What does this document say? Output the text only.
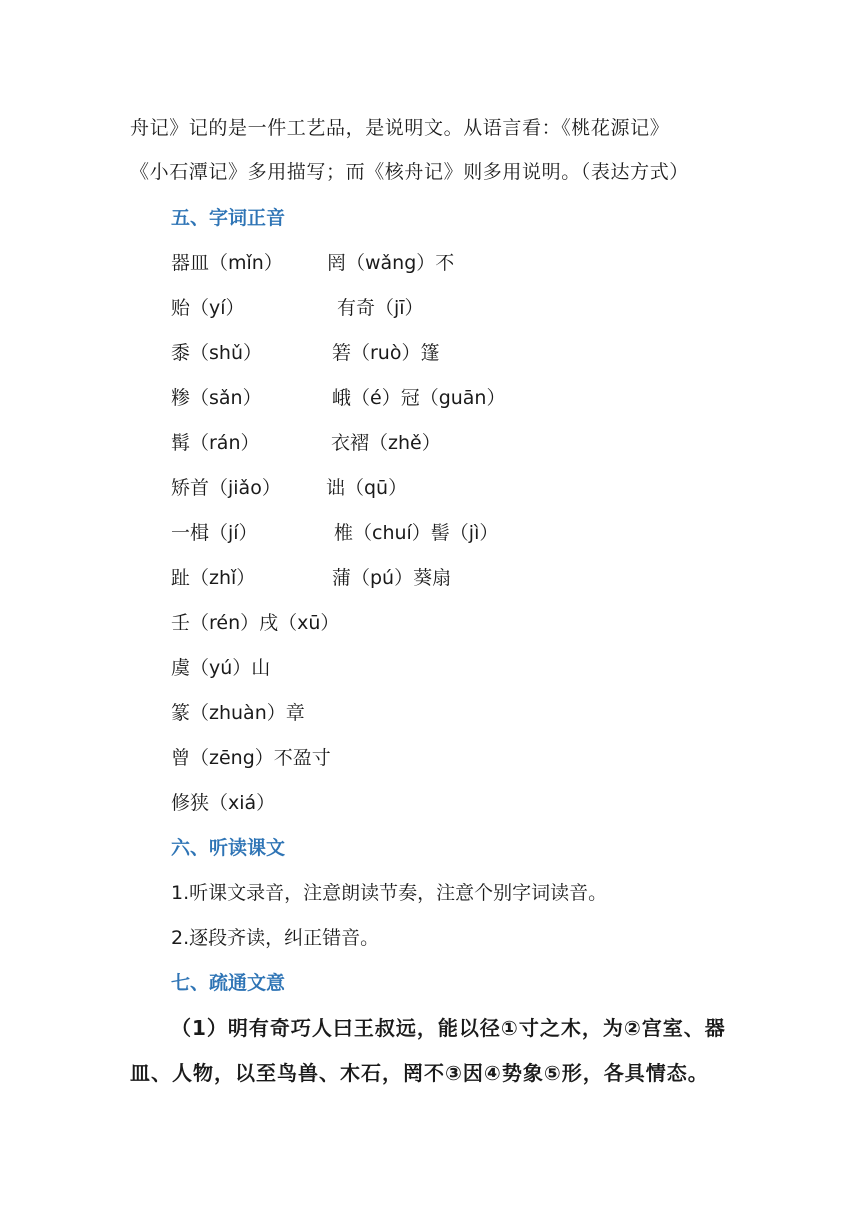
舟记》记的是一件工艺品，是说明文。从语言看：《桃花源记》
《小石潭记》多用描写；而《核舟记》则多用说明。（表达方式）
五、字词正音
器皿（mǐn） 罔（wǎng）不
贻（yí）	有奇（jī）
黍（shǔ）	箬（ruò）篷
糁（sǎn）	峨（é）冠（guān）
髯（rán）	衣褶（zhě）
矫首（jiǎo） 诎（qū）
一楫（jí）	椎（chuí）髻（jì）
趾（zhǐ）	蒲（pú）葵扇
壬（rén）戌（xū）
虞（yú）山
篆（zhuàn）章
曾（zēng）不盈寸
修狭（xiá）
六、听读课文
1.听课文录音，注意朗读节奏，注意个别字词读音。
2.逐段齐读，纠正错音。
七、疏通文意
（1）明有奇巧人曰王叔远，能以径①寸之木，为②宫室、器
皿、人物，以至鸟兽、木石，罔不③因④势象⑤形，各具情态。
